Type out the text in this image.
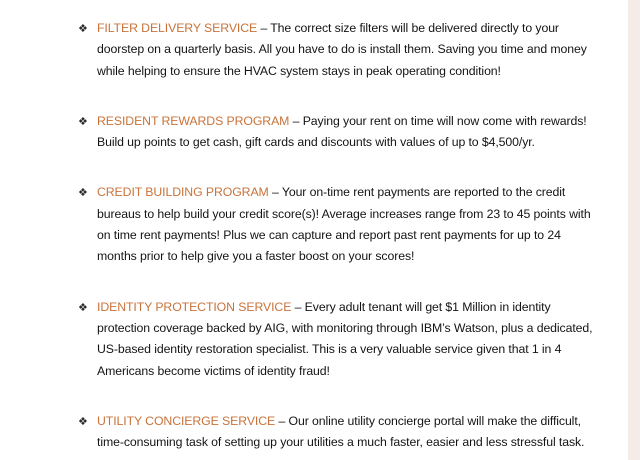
❖ FILTER DELIVERY SERVICE – The correct size filters will be delivered directly to your doorstep on a quarterly basis. All you have to do is install them. Saving you time and money while helping to ensure the HVAC system stays in peak operating condition!
❖ RESIDENT REWARDS PROGRAM – Paying your rent on time will now come with rewards! Build up points to get cash, gift cards and discounts with values of up to $4,500/yr.
❖ CREDIT BUILDING PROGRAM – Your on-time rent payments are reported to the credit bureaus to help build your credit score(s)! Average increases range from 23 to 45 points with on time rent payments! Plus we can capture and report past rent payments for up to 24 months prior to help give you a faster boost on your scores!
❖ IDENTITY PROTECTION SERVICE – Every adult tenant will get $1 Million in identity protection coverage backed by AIG, with monitoring through IBM’s Watson, plus a dedicated, US-based identity restoration specialist. This is a very valuable service given that 1 in 4 Americans become victims of identity fraud!
❖ UTILITY CONCIERGE SERVICE – Our online utility concierge portal will make the difficult, time-consuming task of setting up your utilities a much faster, easier and less stressful task.
